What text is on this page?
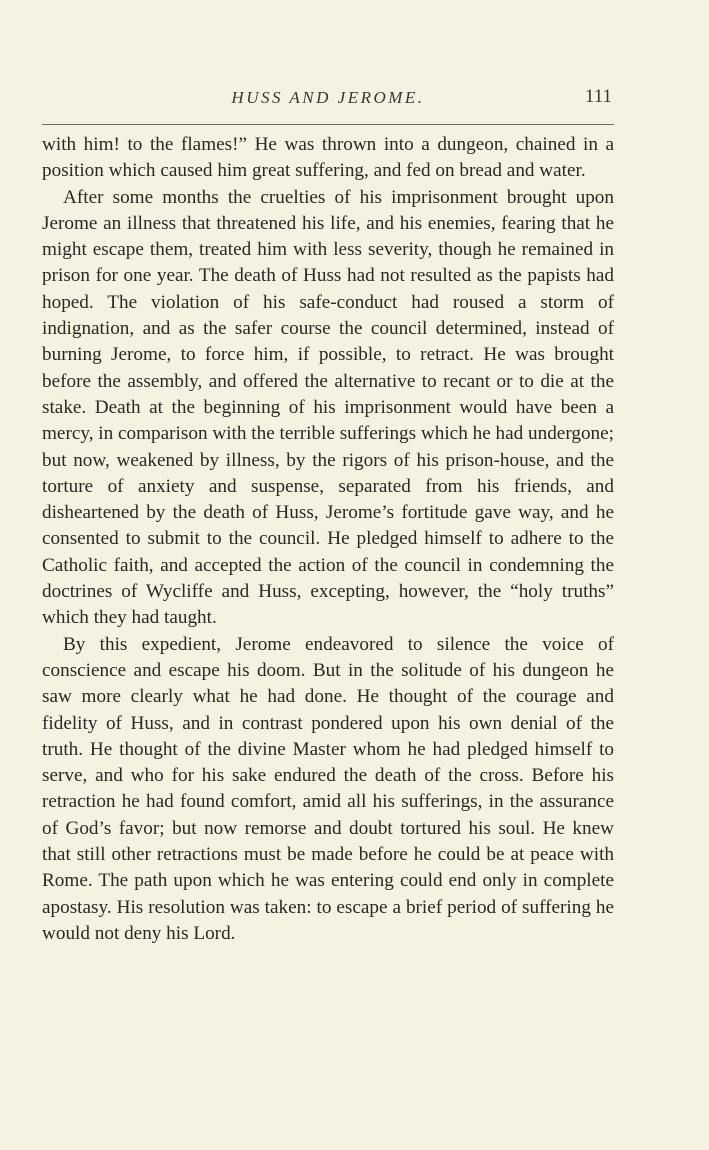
HUSS AND JEROME.	111

with him! to the flames!” He was thrown into a dungeon, chained in a position which caused him great suffering, and fed on bread and water.

After some months the cruelties of his imprisonment brought upon Jerome an illness that threatened his life, and his enemies, fearing that he might escape them, treated him with less severity, though he remained in prison for one year. The death of Huss had not resulted as the papists had hoped. The violation of his safe-conduct had roused a storm of indignation, and as the safer course the council determined, instead of burning Jerome, to force him, if possible, to retract. He was brought before the assembly, and offered the alternative to recant or to die at the stake. Death at the beginning of his imprisonment would have been a mercy, in comparison with the terrible sufferings which he had undergone; but now, weakened by illness, by the rigors of his prison-house, and the torture of anxiety and suspense, separated from his friends, and disheartened by the death of Huss, Jerome’s fortitude gave way, and he consented to submit to the council. He pledged himself to adhere to the Catholic faith, and accepted the action of the council in condemning the doctrines of Wycliffe and Huss, excepting, however, the “holy truths” which they had taught.

By this expedient, Jerome endeavored to silence the voice of conscience and escape his doom. But in the solitude of his dungeon he saw more clearly what he had done. He thought of the courage and fidelity of Huss, and in contrast pondered upon his own denial of the truth. He thought of the divine Master whom he had pledged himself to serve, and who for his sake endured the death of the cross. Before his retraction he had found comfort, amid all his sufferings, in the assurance of God’s favor; but now remorse and doubt tortured his soul. He knew that still other retractions must be made before he could be at peace with Rome. The path upon which he was entering could end only in complete apostasy. His resolution was taken: to escape a brief period of suffering he would not deny his Lord.
